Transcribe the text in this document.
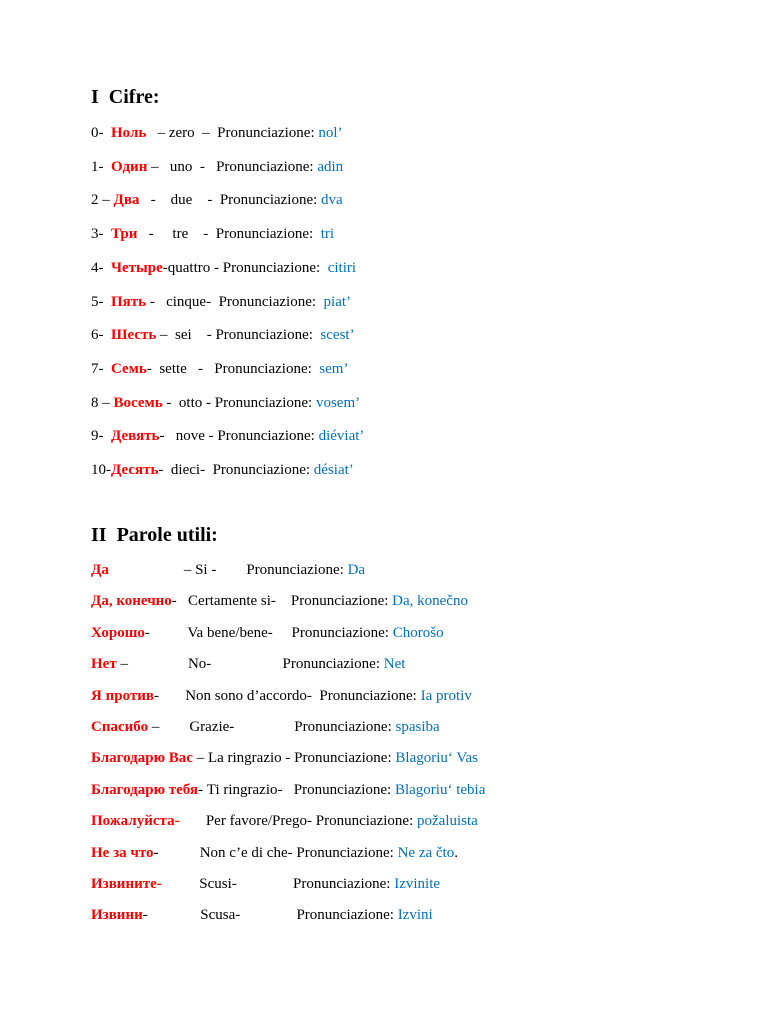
I  Cifre:

0-  Ноль   – zero  –  Pronunciazione: nol’

1-  Один –   uno  -   Pronunciazione: adin

2 – Два   -    due    -  Pronunciazione: dva

3-  Три   -     tre    -  Pronunciazione:  tri

4-  Четыре-quattro - Pronunciazione:  citiri

5-  Пять -   cinque-  Pronunciazione:  piat’

6-  Шесть –  sei    - Pronunciazione:  scest’

7-  Семь-  sette   -   Pronunciazione:  sem’

8 – Восемь -  otto - Pronunciazione: vosem’

9-  Девять-   nove - Pronunciazione: diéviat’

10-Десять-  dieci-  Pronunciazione: désiat’

II  Parole utili:

Да                    – Si -        Pronunciazione: Da

Да, конечно-   Certamente si-    Pronunciazione: Da, konečno

Хорошо-          Va bene/bene-     Pronunciazione: Chorošo

Нет –                No-                   Pronunciazione: Net

Я против-       Non sono d’accordo-  Pronunciazione: Ia protiv

Спасибо –        Grazie-                Pronunciazione: spasiba

Благодарю Вас – La ringrazio - Pronunciazione: Blagoriu‘ Vas

Благодарю тебя- Ti ringrazio-   Pronunciazione: Blagoriu‘ tebia

Пожалуйста-       Per favore/Prego- Pronunciazione: požaluista

Не за что-           Non c’e di che- Pronunciazione: Ne za čto.

Извините-          Scusi-               Pronunciazione: Izvinite

Извини-              Scusa-               Pronunciazione: Izvini
